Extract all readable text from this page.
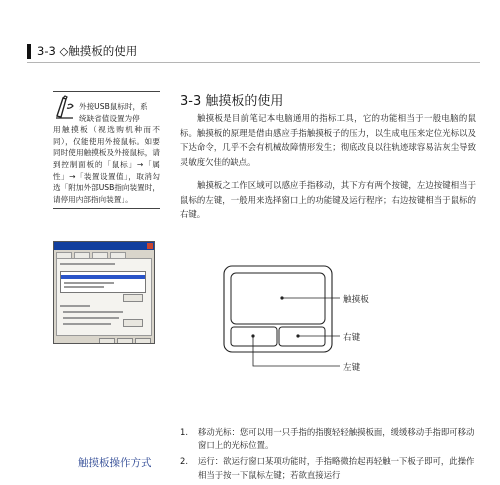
3-3 ◇触摸板的使用
外接USB鼠标时，系
统缺省值设置为停
用触摸板（视选购机种而不同），仅能使用外接鼠标。如要同时使用触摸板及外接鼠标，请到控制面板的「鼠标」→「属性」→「装置设置值」，取消勾选「附加外部USB指向装置时，请停用内部指向装置」。
3-3 触摸板的使用

触摸板是目前笔记本电脑通用的指标工具，它的功能相当于一般电脑的鼠标。触摸板的原理是借由感应手指触摸板子的压力，以生成电压来定位光标以及下达命令，几乎不会有机械故障情形发生；彻底改良以往轨迹球容易沾灰尘导致灵敏度欠佳的缺点。

触摸板之工作区域可以感应手指移动，其下方有两个按键，左边按键相当于鼠标的左键，一般用来选择窗口上的功能键及运行程序；右边按键相当于鼠标的右键。

触摸板
右键
左键
触摸板操作方式
1. 移动光标：您可以用一只手指的指腹轻轻触摸板面，缓缓移动手指即可移动窗口上的光标位置。
2. 运行：欲运行窗口某项功能时，手指略微抬起再轻触一下板子即可，此操作相当于按一下鼠标左键；若欲直接运行
